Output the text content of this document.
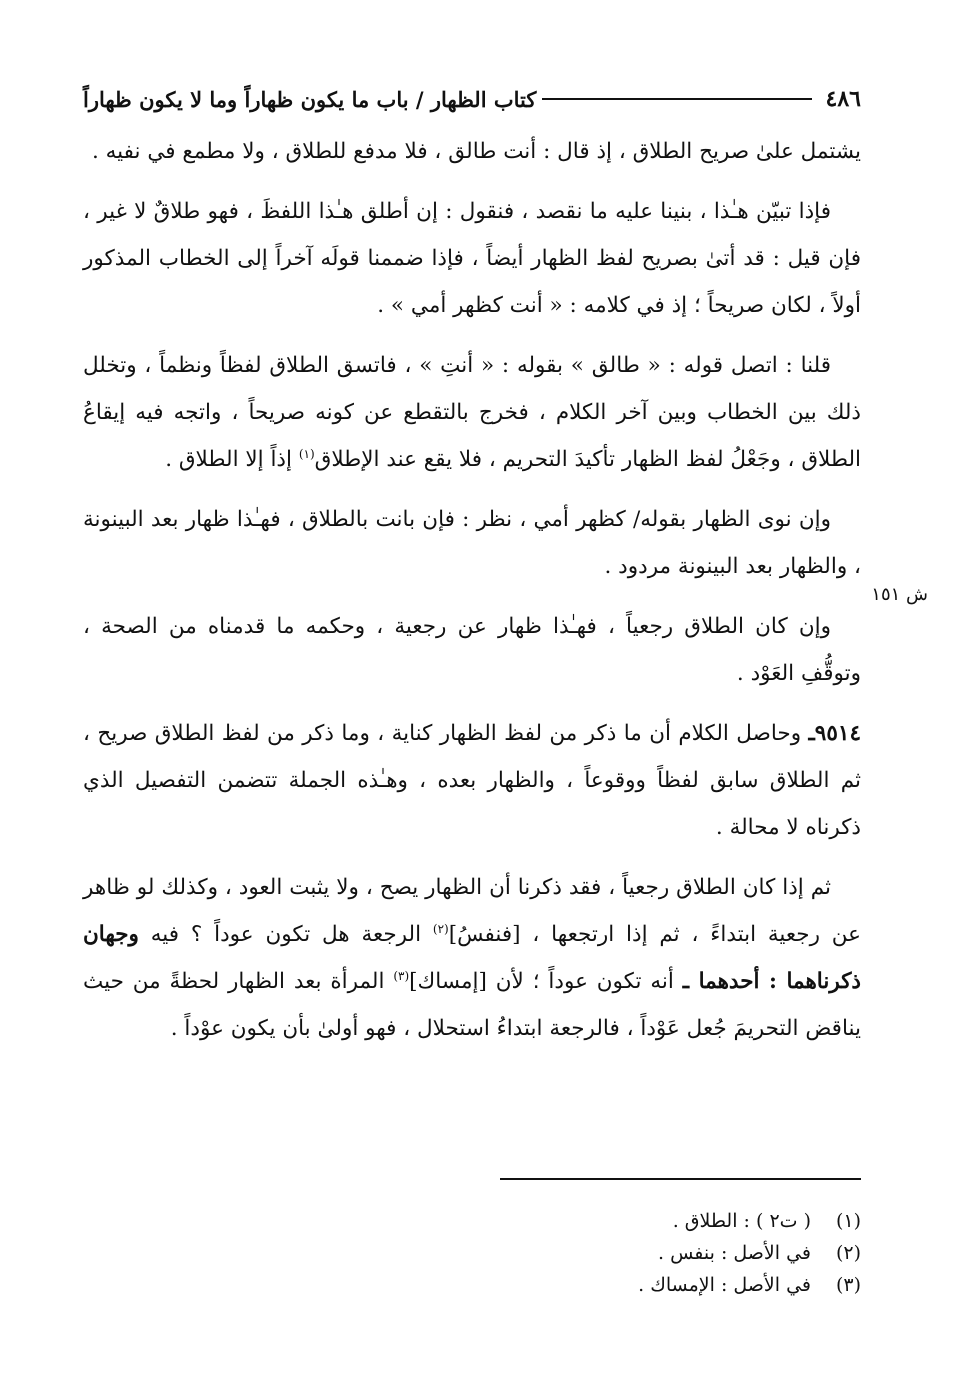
٤٨٦
كتاب الظهار / باب ما يكون ظهاراً وما لا يكون ظهاراً
ش ١٥١

يشتمل علىٰ صريح الطلاق ، إذ قال : أنت طالق ، فلا مدفع للطلاق ، ولا مطمع في نفيه .

فإذا تبيّن هـٰذا ، بنينا عليه ما نقصد ، فنقول : إن أطلق هـٰذا اللفظَ ، فهو طلاقٌ لا غير ، فإن قيل : قد أتىٰ بصريح لفظ الظهار أيضاً ، فإذا ضممنا قولَه آخراً إلى الخطاب المذكور أولاً ، لكان صريحاً ؛ إذ في كلامه : « أنت كظهر أمي » .

قلنا : اتصل قوله : « طالق » بقوله : « أنتِ » ، فاتسق الطلاق لفظاً ونظماً ، وتخلل ذلك بين الخطاب وبين آخر الكلام ، فخرج بالتقطع عن كونه صريحاً ، واتجه فيه إيقاعُ الطلاق ، وجَعْلُ لفظ الظهار تأكيدَ التحريم ، فلا يقع عند الإطلاق$^{(١)}$ إذاً إلا الطلاق .

وإن نوى الظهار بقوله/ كظهر أمي ، نظر : فإن بانت بالطلاق ، فهـٰذا ظهار بعد البينونة ، والظهار بعد البينونة مردود .

وإن كان الطلاق رجعياً ، فهـٰذا ظهار عن رجعية ، وحكمه ما قدمناه من الصحة ، وتوقُّفِ العَوْد .

٩٥١٤ـ وحاصل الكلام أن ما ذكر من لفظ الظهار كناية ، وما ذكر من لفظ الطلاق صريح ، ثم الطلاق سابق لفظاً ووقوعاً ، والظهار بعده ، وهـٰذه الجملة تتضمن التفصيل الذي ذكرناه لا محالة .

ثم إذا كان الطلاق رجعياً ، فقد ذكرنا أن الظهار يصح ، ولا يثبت العود ، وكذلك لو ظاهر عن رجعية ابتداءً ، ثم إذا ارتجعها ، [فنفسُ]$^{(٢)}$ الرجعة هل تكون عوداً ؟ فيه وجهان ذكرناهما : أحدهما ـ أنه تكون عوداً ؛ لأن [إمساك]$^{(٣)}$ المرأة بعد الظهار لحظةً من حيث يناقض التحريمَ جُعل عَوْداً ، فالرجعة ابتداءُ استحلال ، فهو أولىٰ بأن يكون عوْداً .

(١)
( ت٢ ) : الطلاق .
(٢)
في الأصل : بنفس .
(٣)
في الأصل : الإمساك .
